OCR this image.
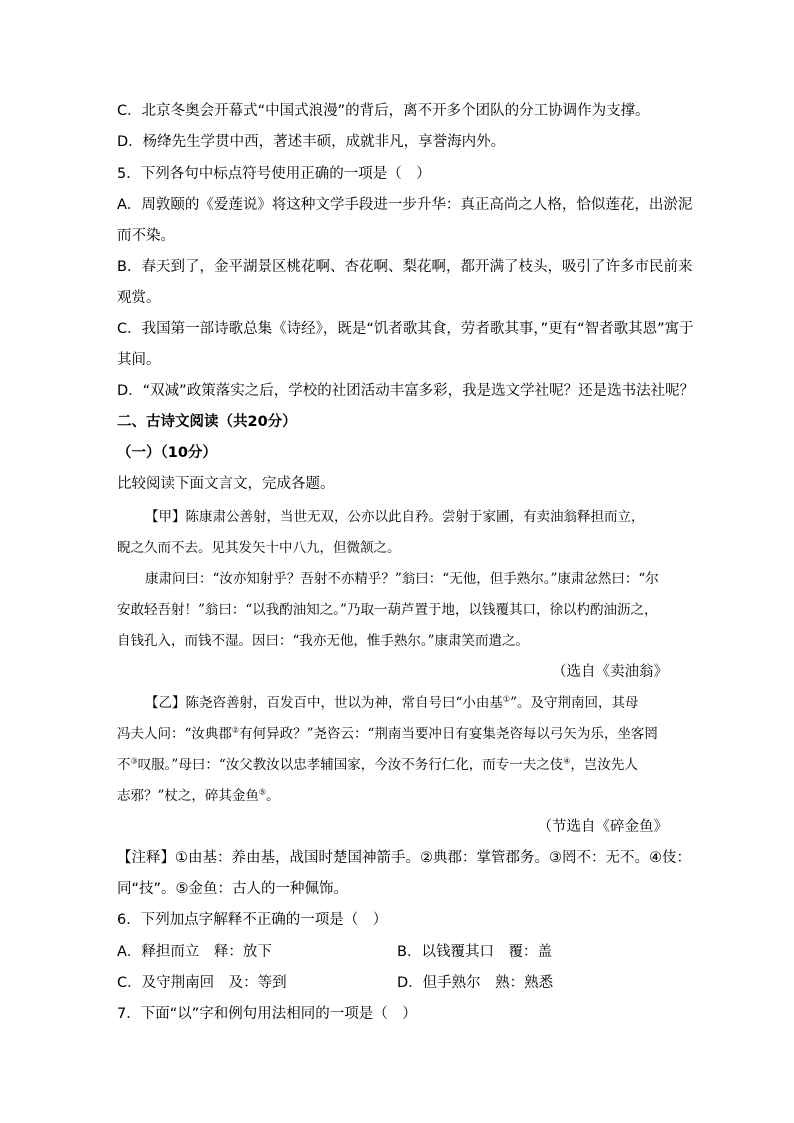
C．北京冬奥会开幕式“中国式浪漫”的背后，离不开多个团队的分工协调作为支撑。
D．杨绛先生学贯中西，著述丰硕，成就非凡，享誉海内外。
5．下列各句中标点符号使用正确的一项是（　）
A．周敦颐的《爱莲说》将这种文学手段进一步升华：真正高尚之人格，恰似莲花，出淤泥
而不染。
B．春天到了，金平湖景区桃花啊、杏花啊、梨花啊，都开满了枝头，吸引了许多市民前来
观赏。
C．我国第一部诗歌总集《诗经》，既是“饥者歌其食，劳者歌其事，”更有“智者歌其恩”寓于
其间。
D．“双减”政策落实之后，学校的社团活动丰富多彩，我是选文学社呢？还是选书法社呢？
二、古诗文阅读（共20分）
（一）（10分）
比较阅读下面文言文，完成各题。
【甲】陈康肃公善射，当世无双，公亦以此自矜。尝射于家圃，有卖油翁释担而立，
睨之久而不去。见其发矢十中八九，但微颔之。
康肃问曰：“汝亦知射乎？吾射不亦精乎？”翁曰：“无他，但手熟尔。”康肃忿然曰：“尔
安敢轻吾射！”翁曰：“以我酌油知之。”乃取一葫芦置于地，以钱覆其口，徐以杓酌油沥之，
自钱孔入，而钱不湿。因曰：“我亦无他，惟手熟尔。”康肃笑而遣之。
（选自《卖油翁》
【乙】陈尧咨善射，百发百中，世以为神，常自号曰“小由基①”。及守荆南回，其母
冯夫人问：“汝典郡②有何异政？”尧咨云：“荆南当要冲日有宴集尧咨每以弓矢为乐，坐客罔
不③叹服。”母曰：“汝父教汝以忠孝辅国家，今汝不务行仁化，而专一夫之伎④，岂汝先人
志邪？”杖之，碎其金鱼⑤。
（节选自《碎金鱼》
【注释】①由基：养由基，战国时楚国神箭手。②典郡：掌管郡务。③罔不：无不。④伎：
同“技”。⑤金鱼：古人的一种佩饰。
6．下列加点字解释不正确的一项是（　）
A．释担而立　释：放下	B．以钱覆其口　覆：盖
C．及守荆南回　及：等到	D．但手熟尔　熟：熟悉
7．下面“以”字和例句用法相同的一项是（　）
